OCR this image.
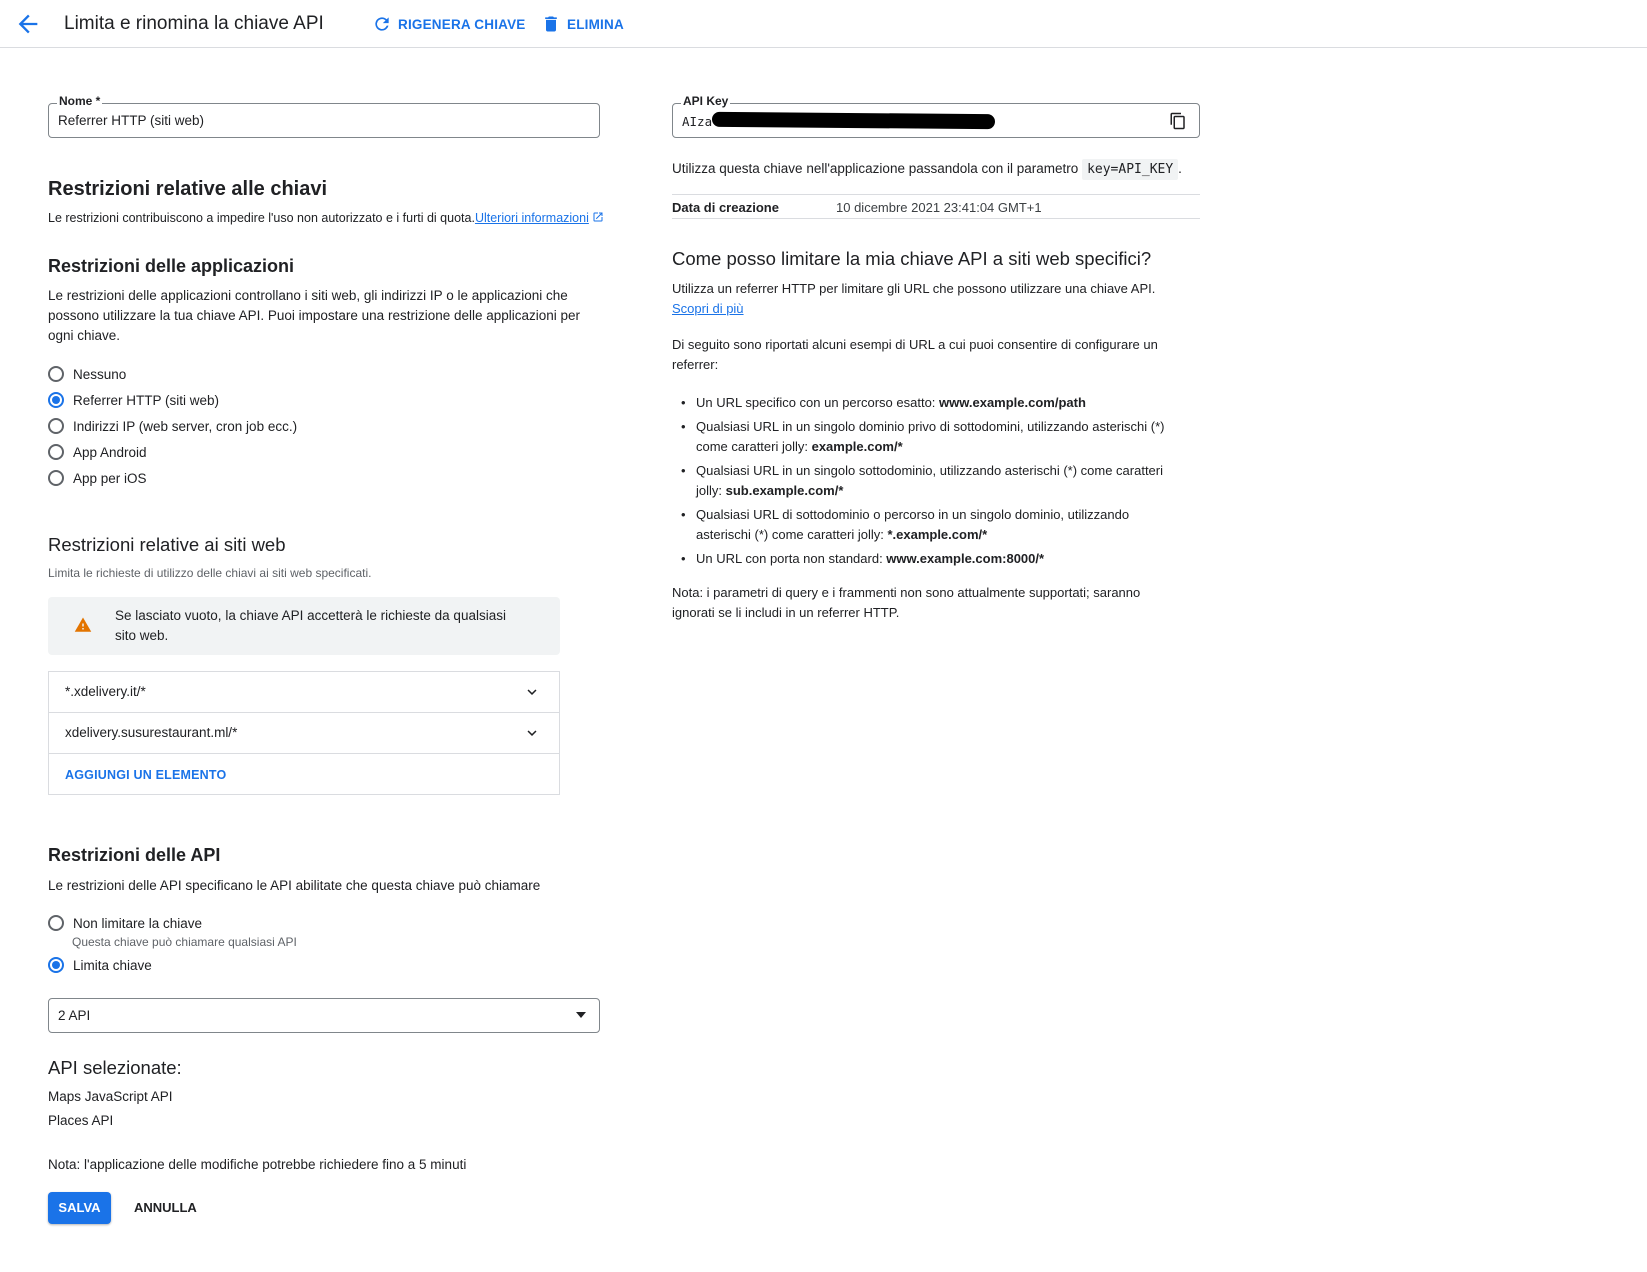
Limita e rinomina la chiave API	RIGENERA CHIAVE	ELIMINA
Nome *
Referrer HTTP (siti web)
Restrizioni relative alle chiavi
Le restrizioni contribuiscono a impedire l'uso non autorizzato e i furti di quota.Ulteriori informazioni
Restrizioni delle applicazioni
Le restrizioni delle applicazioni controllano i siti web, gli indirizzi IP o le applicazioni che possono utilizzare la tua chiave API. Puoi impostare una restrizione delle applicazioni per ogni chiave.
Nessuno
Referrer HTTP (siti web)
Indirizzi IP (web server, cron job ecc.)
App Android
App per iOS
Restrizioni relative ai siti web
Limita le richieste di utilizzo delle chiavi ai siti web specificati.
Se lasciato vuoto, la chiave API accetterà le richieste da qualsiasi sito web.
*.xdelivery.it/*
xdelivery.susurestaurant.ml/*
AGGIUNGI UN ELEMENTO
Restrizioni delle API
Le restrizioni delle API specificano le API abilitate che questa chiave può chiamare
Non limitare la chiave
Questa chiave può chiamare qualsiasi API
Limita chiave
2 API
API selezionate:
Maps JavaScript API
Places API
Nota: l'applicazione delle modifiche potrebbe richiedere fino a 5 minuti
SALVA	ANNULLA
API Key
AIza
Utilizza questa chiave nell'applicazione passandola con il parametro key=API_KEY .
Data di creazione	10 dicembre 2021 23:41:04 GMT+1
Come posso limitare la mia chiave API a siti web specifici?
Utilizza un referrer HTTP per limitare gli URL che possono utilizzare una chiave API.
Scopri di più
Di seguito sono riportati alcuni esempi di URL a cui puoi consentire di configurare un referrer:
• Un URL specifico con un percorso esatto: www.example.com/path
• Qualsiasi URL in un singolo dominio privo di sottodomini, utilizzando asterischi (*) come caratteri jolly: example.com/*
• Qualsiasi URL in un singolo sottodominio, utilizzando asterischi (*) come caratteri jolly: sub.example.com/*
• Qualsiasi URL di sottodominio o percorso in un singolo dominio, utilizzando asterischi (*) come caratteri jolly: *.example.com/*
• Un URL con porta non standard: www.example.com:8000/*
Nota: i parametri di query e i frammenti non sono attualmente supportati; saranno ignorati se li includi in un referrer HTTP.
